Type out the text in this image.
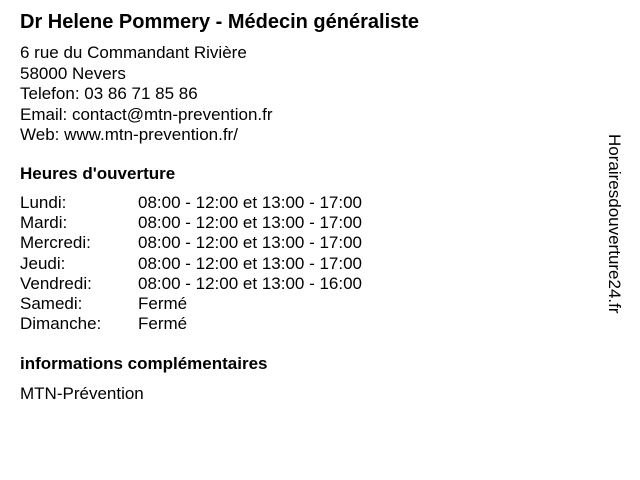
Dr Helene Pommery - Médecin généraliste
6 rue du Commandant Rivière
58000 Nevers
Telefon: 03 86 71 85 86
Email: contact@mtn-prevention.fr
Web: www.mtn-prevention.fr/
Heures d'ouverture
Lundi:	08:00 - 12:00 et 13:00 - 17:00
Mardi:	08:00 - 12:00 et 13:00 - 17:00
Mercredi:	08:00 - 12:00 et 13:00 - 17:00
Jeudi:	08:00 - 12:00 et 13:00 - 17:00
Vendredi:	08:00 - 12:00 et 13:00 - 16:00
Samedi:	Fermé
Dimanche:	Fermé
informations complémentaires
MTN-Prévention
Horairesdouverture24.fr
